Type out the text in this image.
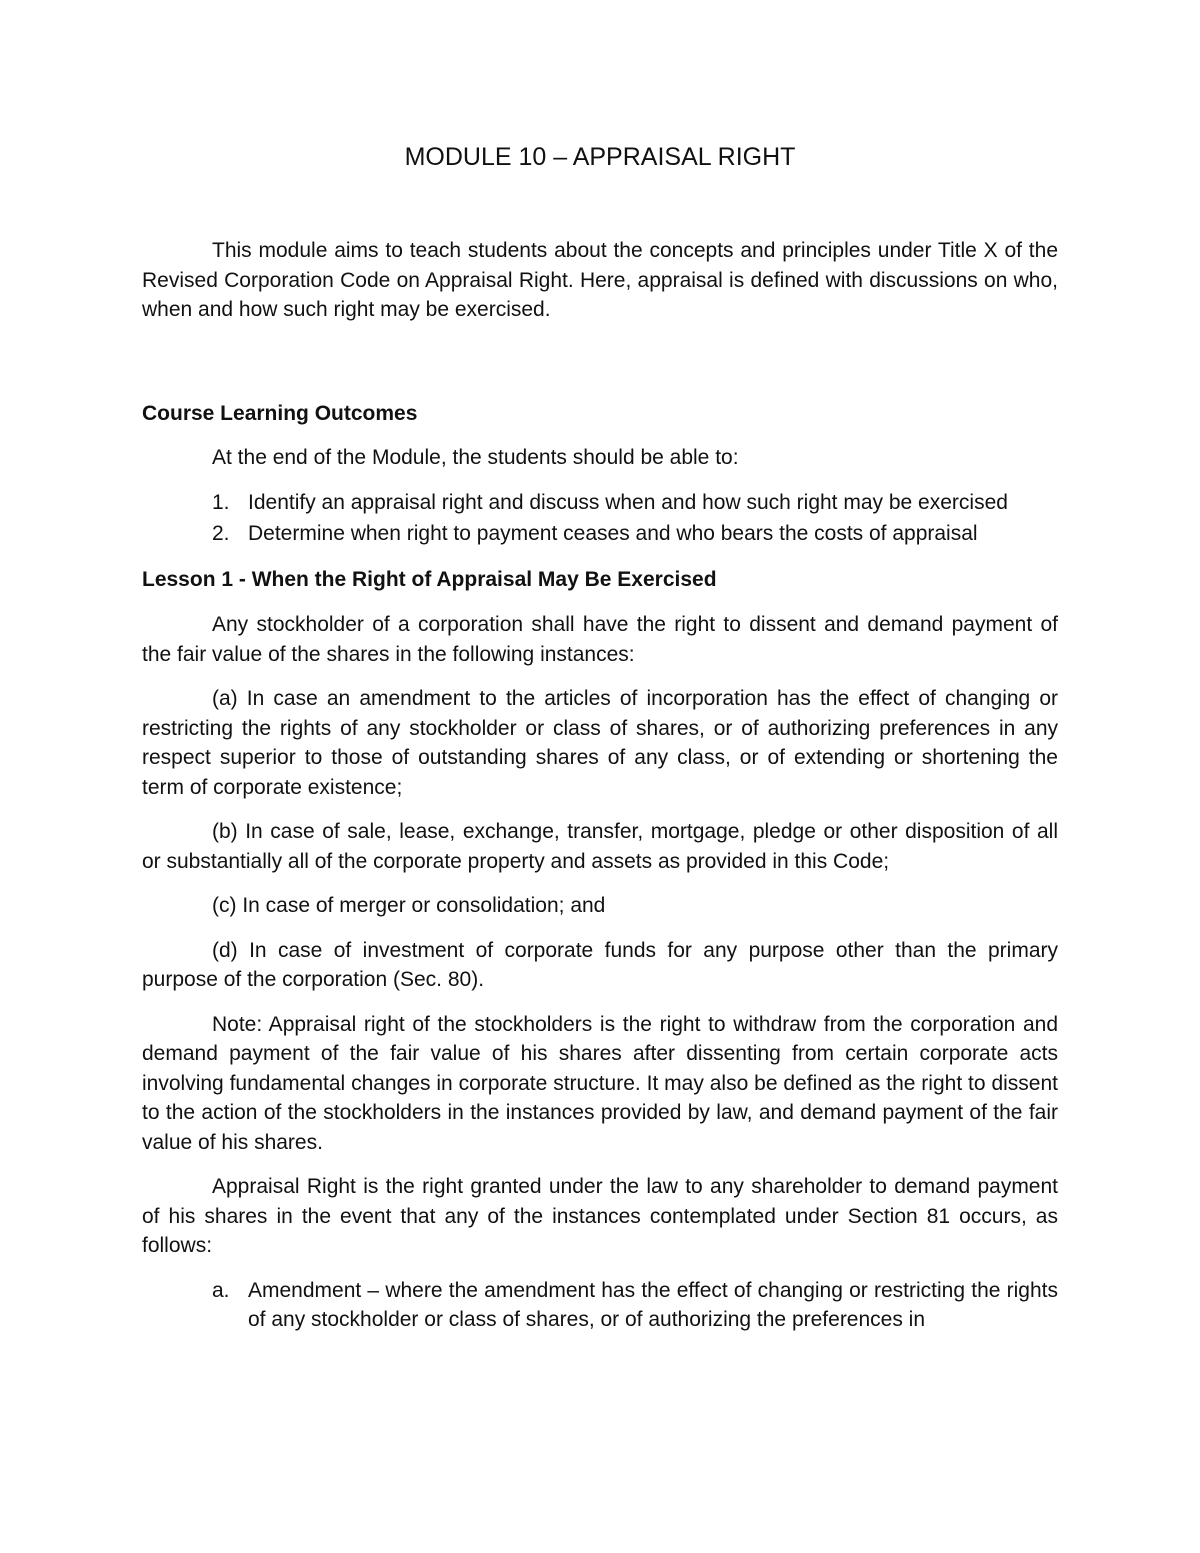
MODULE 10 – APPRAISAL RIGHT

This module aims to teach students about the concepts and principles under Title X of the Revised Corporation Code on Appraisal Right. Here, appraisal is defined with discussions on who, when and how such right may be exercised.

Course Learning Outcomes

At the end of the Module, the students should be able to:

1. Identify an appraisal right and discuss when and how such right may be exercised
2. Determine when right to payment ceases and who bears the costs of appraisal

Lesson 1 - When the Right of Appraisal May Be Exercised

Any stockholder of a corporation shall have the right to dissent and demand payment of the fair value of the shares in the following instances:

(a) In case an amendment to the articles of incorporation has the effect of changing or restricting the rights of any stockholder or class of shares, or of authorizing preferences in any respect superior to those of outstanding shares of any class, or of extending or shortening the term of corporate existence;

(b) In case of sale, lease, exchange, transfer, mortgage, pledge or other disposition of all or substantially all of the corporate property and assets as provided in this Code;

(c) In case of merger or consolidation; and

(d) In case of investment of corporate funds for any purpose other than the primary purpose of the corporation (Sec. 80).

Note: Appraisal right of the stockholders is the right to withdraw from the corporation and demand payment of the fair value of his shares after dissenting from certain corporate acts involving fundamental changes in corporate structure. It may also be defined as the right to dissent to the action of the stockholders in the instances provided by law, and demand payment of the fair value of his shares.

Appraisal Right is the right granted under the law to any shareholder to demand payment of his shares in the event that any of the instances contemplated under Section 81 occurs, as follows:

a. Amendment – where the amendment has the effect of changing or restricting the rights of any stockholder or class of shares, or of authorizing the preferences in
